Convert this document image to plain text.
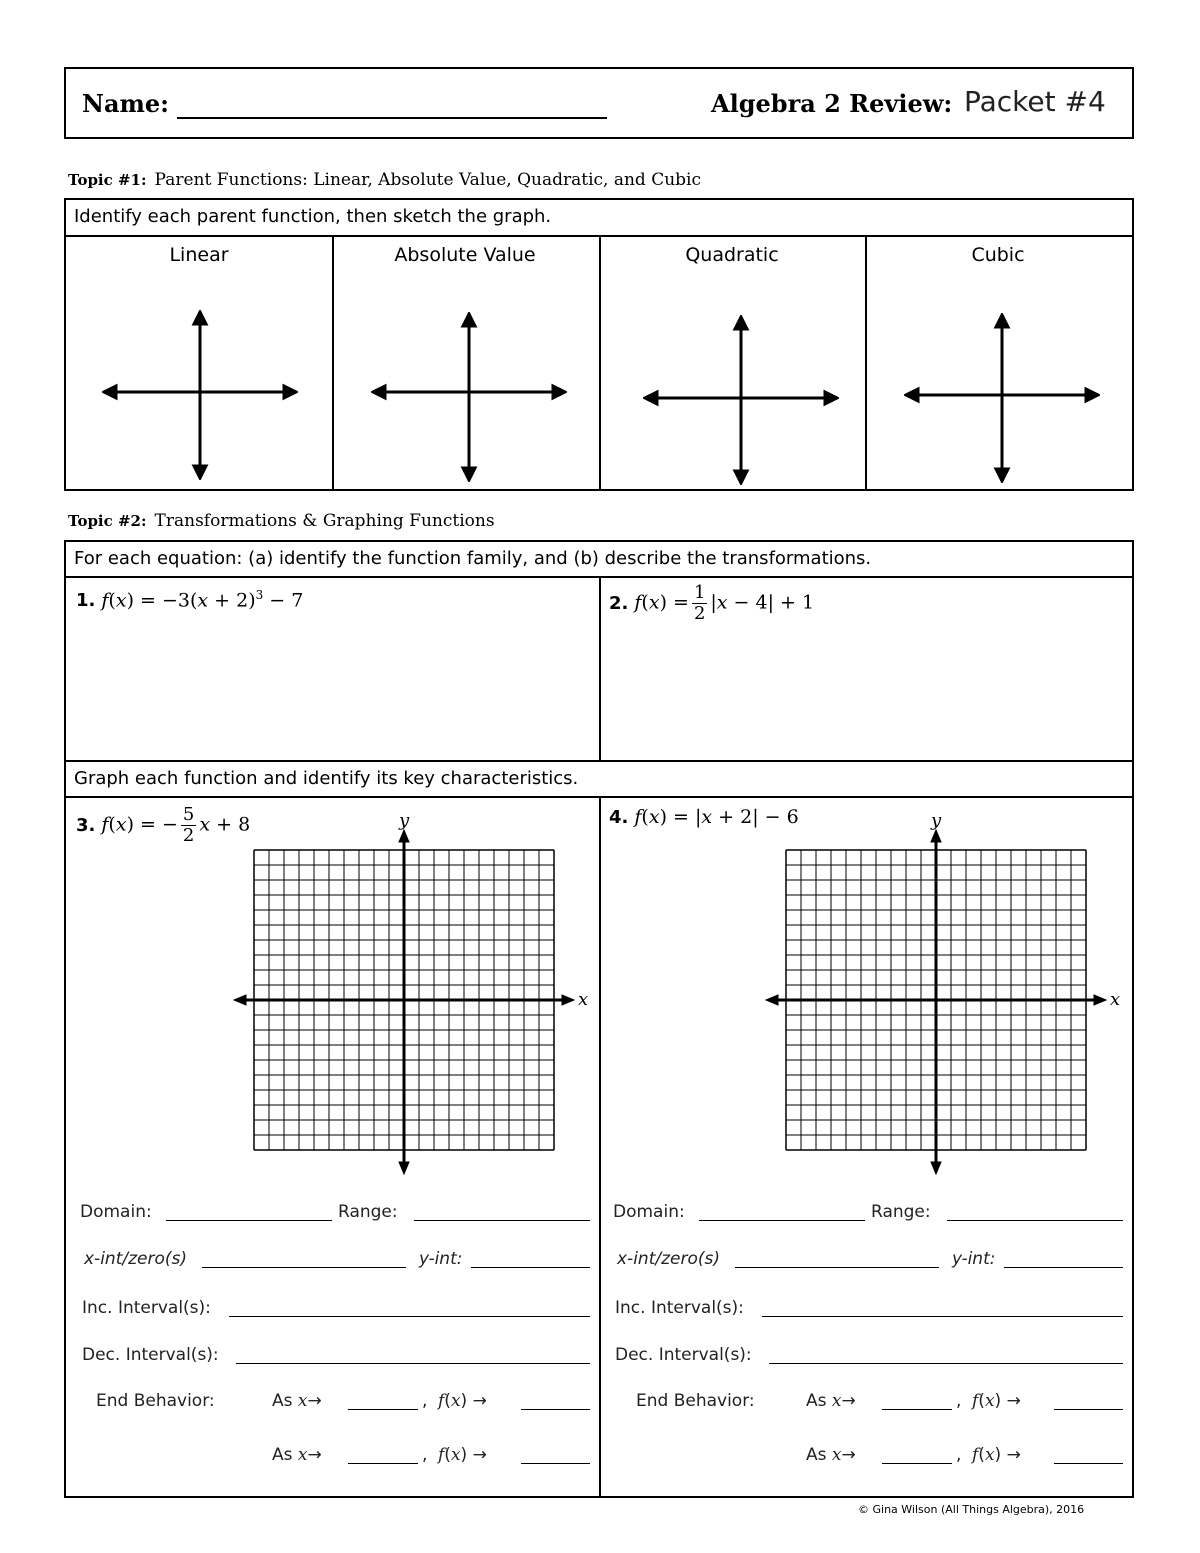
Name:	Algebra 2 Review: Packet #4
Topic #1: Parent Functions: Linear, Absolute Value, Quadratic, and Cubic
Identify each parent function, then sketch the graph.
Linear	Absolute Value	Quadratic	Cubic
Topic #2: Transformations & Graphing Functions
For each equation: (a) identify the function family, and (b) describe the transformations.
Graph each function and identify its key characteristics.
1. $f(x) = -3(x + 2)^3 - 7$	2. $f(x) = \frac{1}{2} |x - 4| + 1$
3. f(x) = − $\frac{5}{2}$ x + 8	4. f(x) = |x + 2| − 6
y
x
y
x
Domain:	Range:
x-int/zero(s)	y-int:
Inc. Interval(s):
Dec. Interval(s):
End Behavior:	As x→	, f(x) →
As x→	, f(x) →
Domain:	Range:
x-int/zero(s)	y-int:
Inc. Interval(s):
Dec. Interval(s):
End Behavior:	As x→	, f(x) →
As x→	, f(x) →
© Gina Wilson (All Things Algebra), 2016
